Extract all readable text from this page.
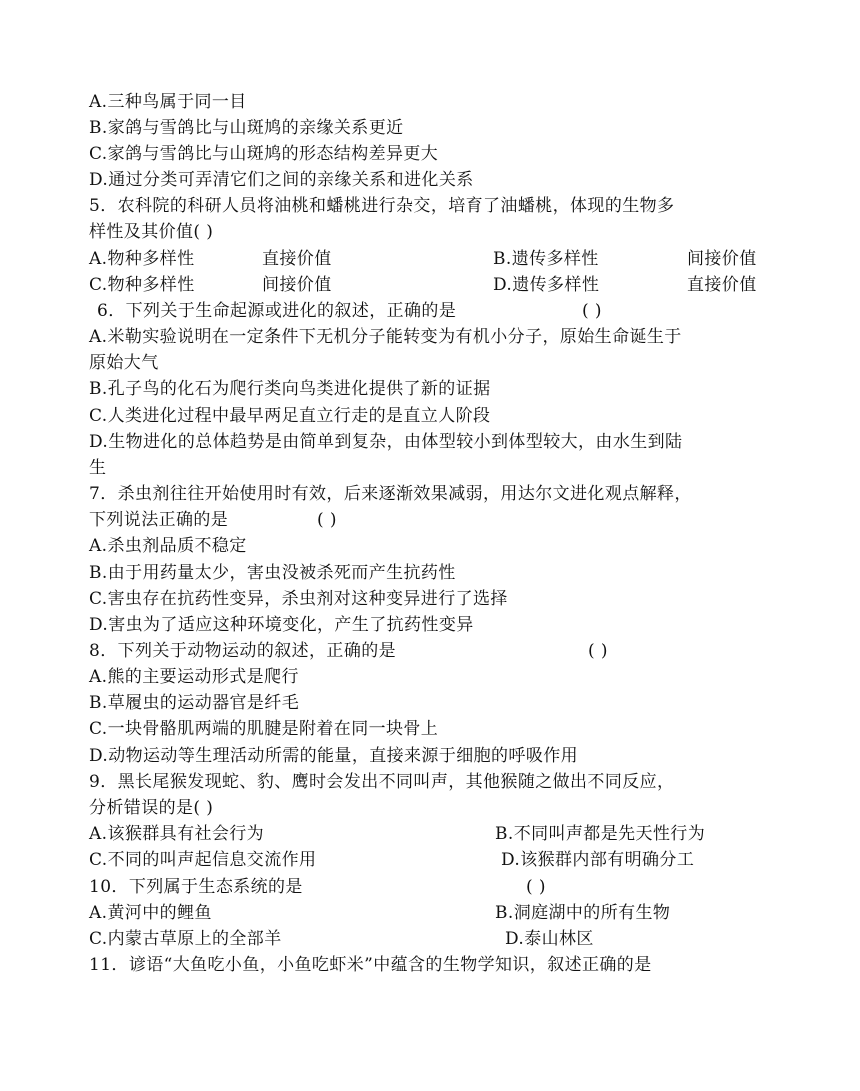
A.三种鸟属于同一目
B.家鸽与雪鸽比与山斑鸠的亲缘关系更近
C.家鸽与雪鸽比与山斑鸠的形态结构差异更大
D.通过分类可弄清它们之间的亲缘关系和进化关系
5．农科院的科研人员将油桃和蟠桃进行杂交，培育了油蟠桃，体现的生物多
样性及其价值( )
A.物种多样性	直接价值	B.遗传多样性	间接价值
C.物种多样性	间接价值	D.遗传多样性	直接价值
6．下列关于生命起源或进化的叙述，正确的是	( )
A.米勒实验说明在一定条件下无机分子能转变为有机小分子，原始生命诞生于
原始大气
B.孔子鸟的化石为爬行类向鸟类进化提供了新的证据
C.人类进化过程中最早两足直立行走的是直立人阶段
D.生物进化的总体趋势是由简单到复杂，由体型较小到体型较大，由水生到陆
生
7．杀虫剂往往开始使用时有效，后来逐渐效果减弱，用达尔文进化观点解释，
下列说法正确的是	( )
A.杀虫剂品质不稳定
B.由于用药量太少，害虫没被杀死而产生抗药性
C.害虫存在抗药性变异，杀虫剂对这种变异进行了选择
D.害虫为了适应这种环境变化，产生了抗药性变异
8．下列关于动物运动的叙述，正确的是	( )
A.熊的主要运动形式是爬行
B.草履虫的运动器官是纤毛
C.一块骨骼肌两端的肌腱是附着在同一块骨上
D.动物运动等生理活动所需的能量，直接来源于细胞的呼吸作用
9．黑长尾猴发现蛇、豹、鹰时会发出不同叫声，其他猴随之做出不同反应，
分析错误的是( )
A.该猴群具有社会行为	B.不同叫声都是先天性行为
C.不同的叫声起信息交流作用	D.该猴群内部有明确分工
10．下列属于生态系统的是	( )
A.黄河中的鲤鱼	B.洞庭湖中的所有生物
C.内蒙古草原上的全部羊	D.泰山林区
11．谚语“大鱼吃小鱼，小鱼吃虾米”中蕴含的生物学知识，叙述正确的是
